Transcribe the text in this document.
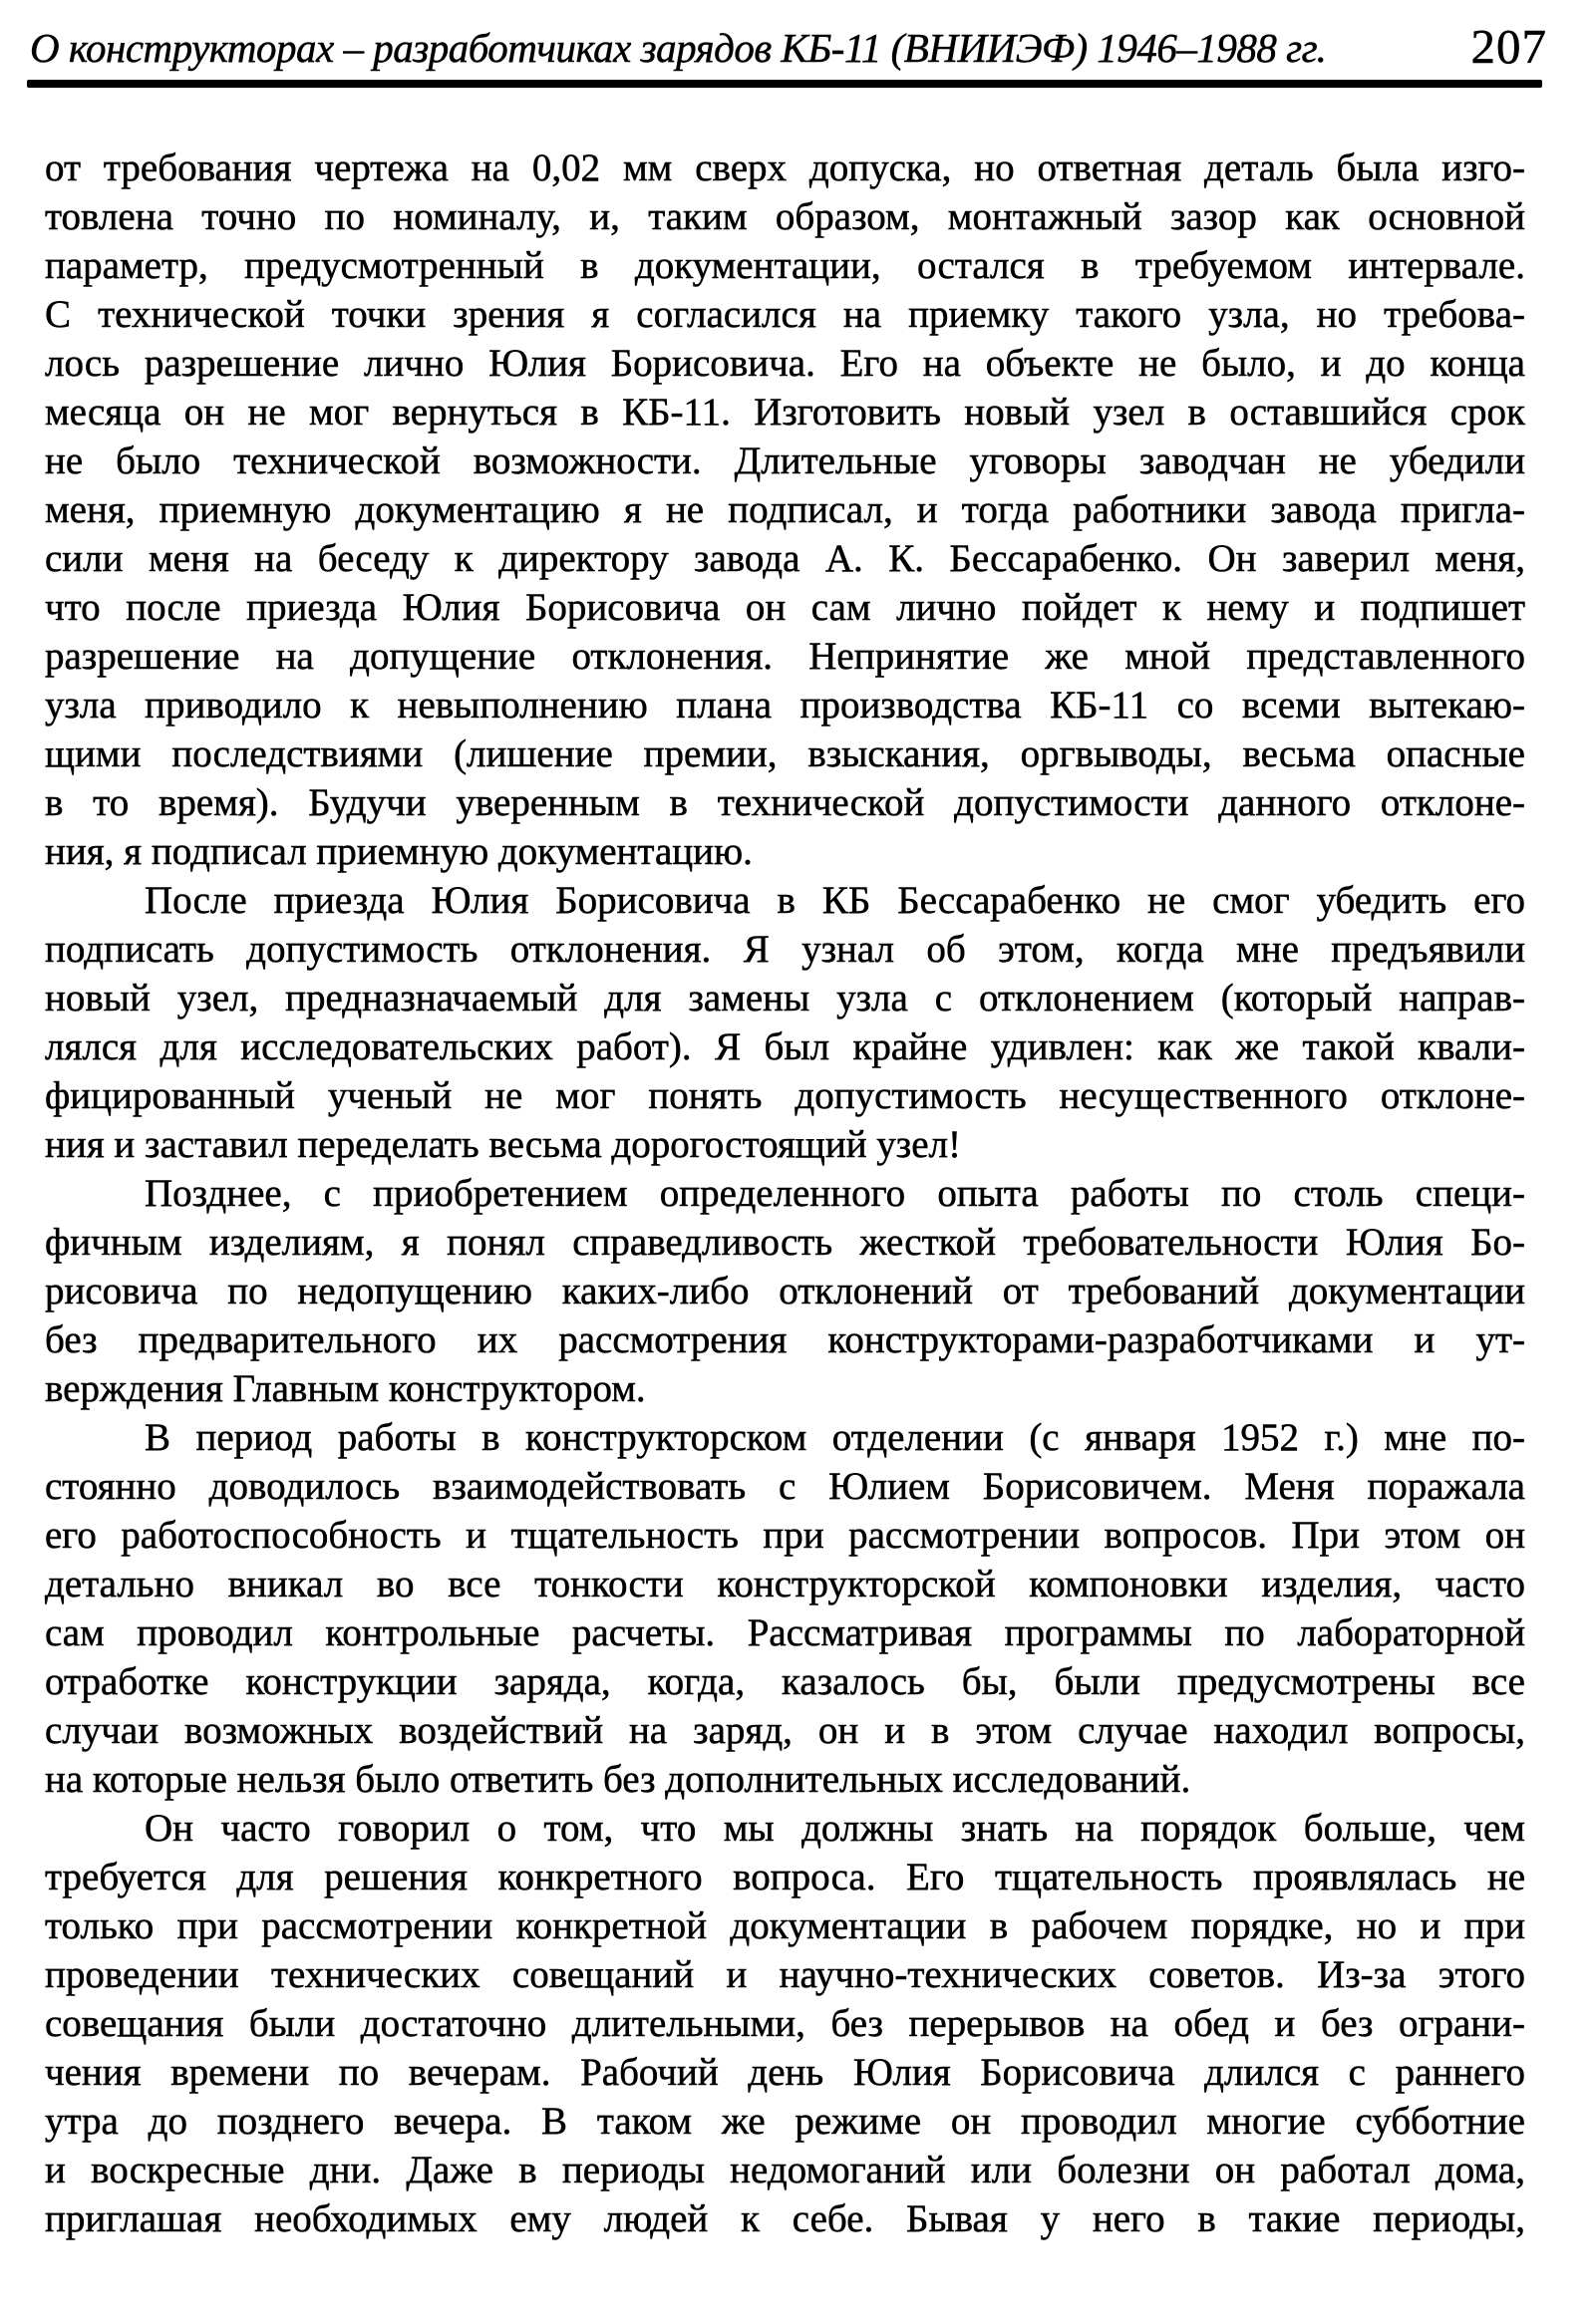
О конструкторах – разработчиках зарядов КБ-11 (ВНИИЭФ) 1946–1988 гг.	207
от требования чертежа на 0,02 мм сверх допуска, но ответная деталь была изго-
товлена точно по номиналу, и, таким образом, монтажный зазор как основной
параметр, предусмотренный в документации, остался в требуемом интервале.
С технической точки зрения я согласился на приемку такого узла, но требова-
лось разрешение лично Юлия Борисовича. Его на объекте не было, и до конца
месяца он не мог вернуться в КБ-11. Изготовить новый узел в оставшийся срок
не было технической возможности. Длительные уговоры заводчан не убедили
меня, приемную документацию я не подписал, и тогда работники завода пригла-
сили меня на беседу к директору завода А. К. Бессарабенко. Он заверил меня,
что после приезда Юлия Борисовича он сам лично пойдет к нему и подпишет
разрешение на допущение отклонения. Непринятие же мной представленного
узла приводило к невыполнению плана производства КБ-11 со всеми вытекаю-
щими последствиями (лишение премии, взыскания, оргвыводы, весьма опасные
в то время). Будучи уверенным в технической допустимости данного отклоне-
ния, я подписал приемную документацию.
После приезда Юлия Борисовича в КБ Бессарабенко не смог убедить его
подписать допустимость отклонения. Я узнал об этом, когда мне предъявили
новый узел, предназначаемый для замены узла с отклонением (который направ-
лялся для исследовательских работ). Я был крайне удивлен: как же такой квали-
фицированный ученый не мог понять допустимость несущественного отклоне-
ния и заставил переделать весьма дорогостоящий узел!
Позднее, с приобретением определенного опыта работы по столь специ-
фичным изделиям, я понял справедливость жесткой требовательности Юлия Бо-
рисовича по недопущению каких-либо отклонений от требований документации
без предварительного их рассмотрения конструкторами-разработчиками и ут-
верждения Главным конструктором.
В период работы в конструкторском отделении (с января 1952 г.) мне по-
стоянно доводилось взаимодействовать с Юлием Борисовичем. Меня поражала
его работоспособность и тщательность при рассмотрении вопросов. При этом он
детально вникал во все тонкости конструкторской компоновки изделия, часто
сам проводил контрольные расчеты. Рассматривая программы по лабораторной
отработке конструкции заряда, когда, казалось бы, были предусмотрены все
случаи возможных воздействий на заряд, он и в этом случае находил вопросы,
на которые нельзя было ответить без дополнительных исследований.
Он часто говорил о том, что мы должны знать на порядок больше, чем
требуется для решения конкретного вопроса. Его тщательность проявлялась не
только при рассмотрении конкретной документации в рабочем порядке, но и при
проведении технических совещаний и научно-технических советов. Из-за этого
совещания были достаточно длительными, без перерывов на обед и без ограни-
чения времени по вечерам. Рабочий день Юлия Борисовича длился с раннего
утра до позднего вечера. В таком же режиме он проводил многие субботние
и воскресные дни. Даже в периоды недомоганий или болезни он работал дома,
приглашая необходимых ему людей к себе. Бывая у него в такие периоды,
